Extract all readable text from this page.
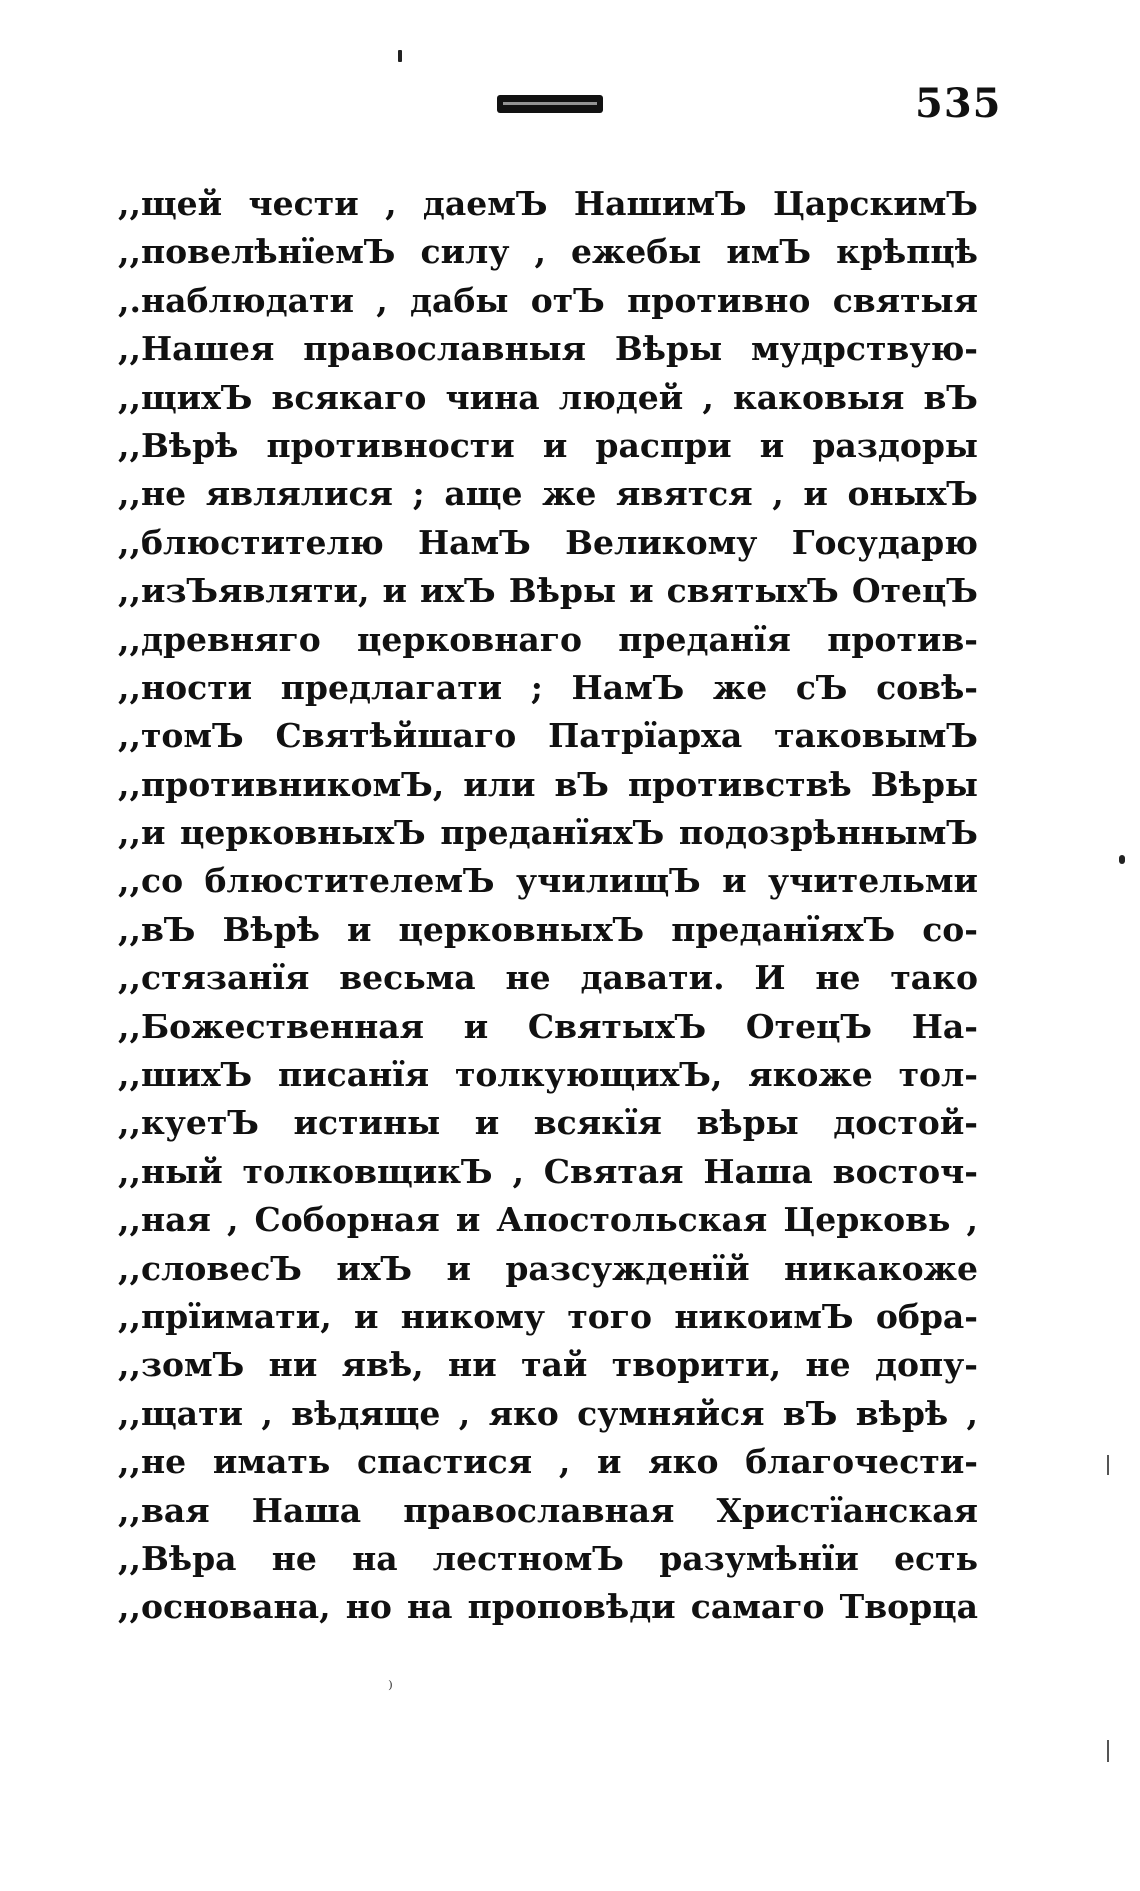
535
,,щей чести , даемЪ НашимЪ ЦарскимЪ
,,повелѣнїемЪ силу , ежебы имЪ крѣпцѣ
,.наблюдати , дабы отЪ противно святыя
,,Нашея православныя Вѣры мудрствую-
,,щихЪ всякаго чина людей , каковыя вЪ
,,Вѣрѣ противности и распри и раздоры
,,не являлися ; аще же явятся , и оныхЪ
,,блюстителю НамЪ Великому Государю
,,изЪявляти, и ихЪ Вѣры и святыхЪ ОтецЪ
,,древняго церковнаго преданїя против-
,,ности предлагати ; НамЪ же сЪ совѣ-
,,томЪ Святѣйшаго Патрїарха таковымЪ
,,противникомЪ, или вЪ противствѣ Вѣры
,,и церковныхЪ преданїяхЪ подозрѣннымЪ
,,со блюстителемЪ училищЪ и учительми
,,вЪ Вѣрѣ и церковныхЪ преданїяхЪ со-
,,стязанїя весьма не давати. И не тако
,,Божественная и СвятыхЪ ОтецЪ На-
,,шихЪ писанїя толкующихЪ, якоже тол-
,,куетЪ истины и всякїя вѣры достой-
,,ный толковщикЪ , Святая Наша восточ-
,,ная , Соборная и Апостольская Церковь ,
,,словесЪ ихЪ и разсужденїй никакоже
,,прїимати, и никому того никоимЪ обра-
,,зомЪ ни явѣ, ни тай творити, не допу-
,,щати , вѣдяще , яко сумняйся вЪ вѣрѣ ,
,,не имать спастися , и яко благочести-
,,вая Наша православная Христїанская
,,Вѣра не на лестномЪ разумѣнїи есть
,,основана, но на проповѣди самаго Творца
⁾
